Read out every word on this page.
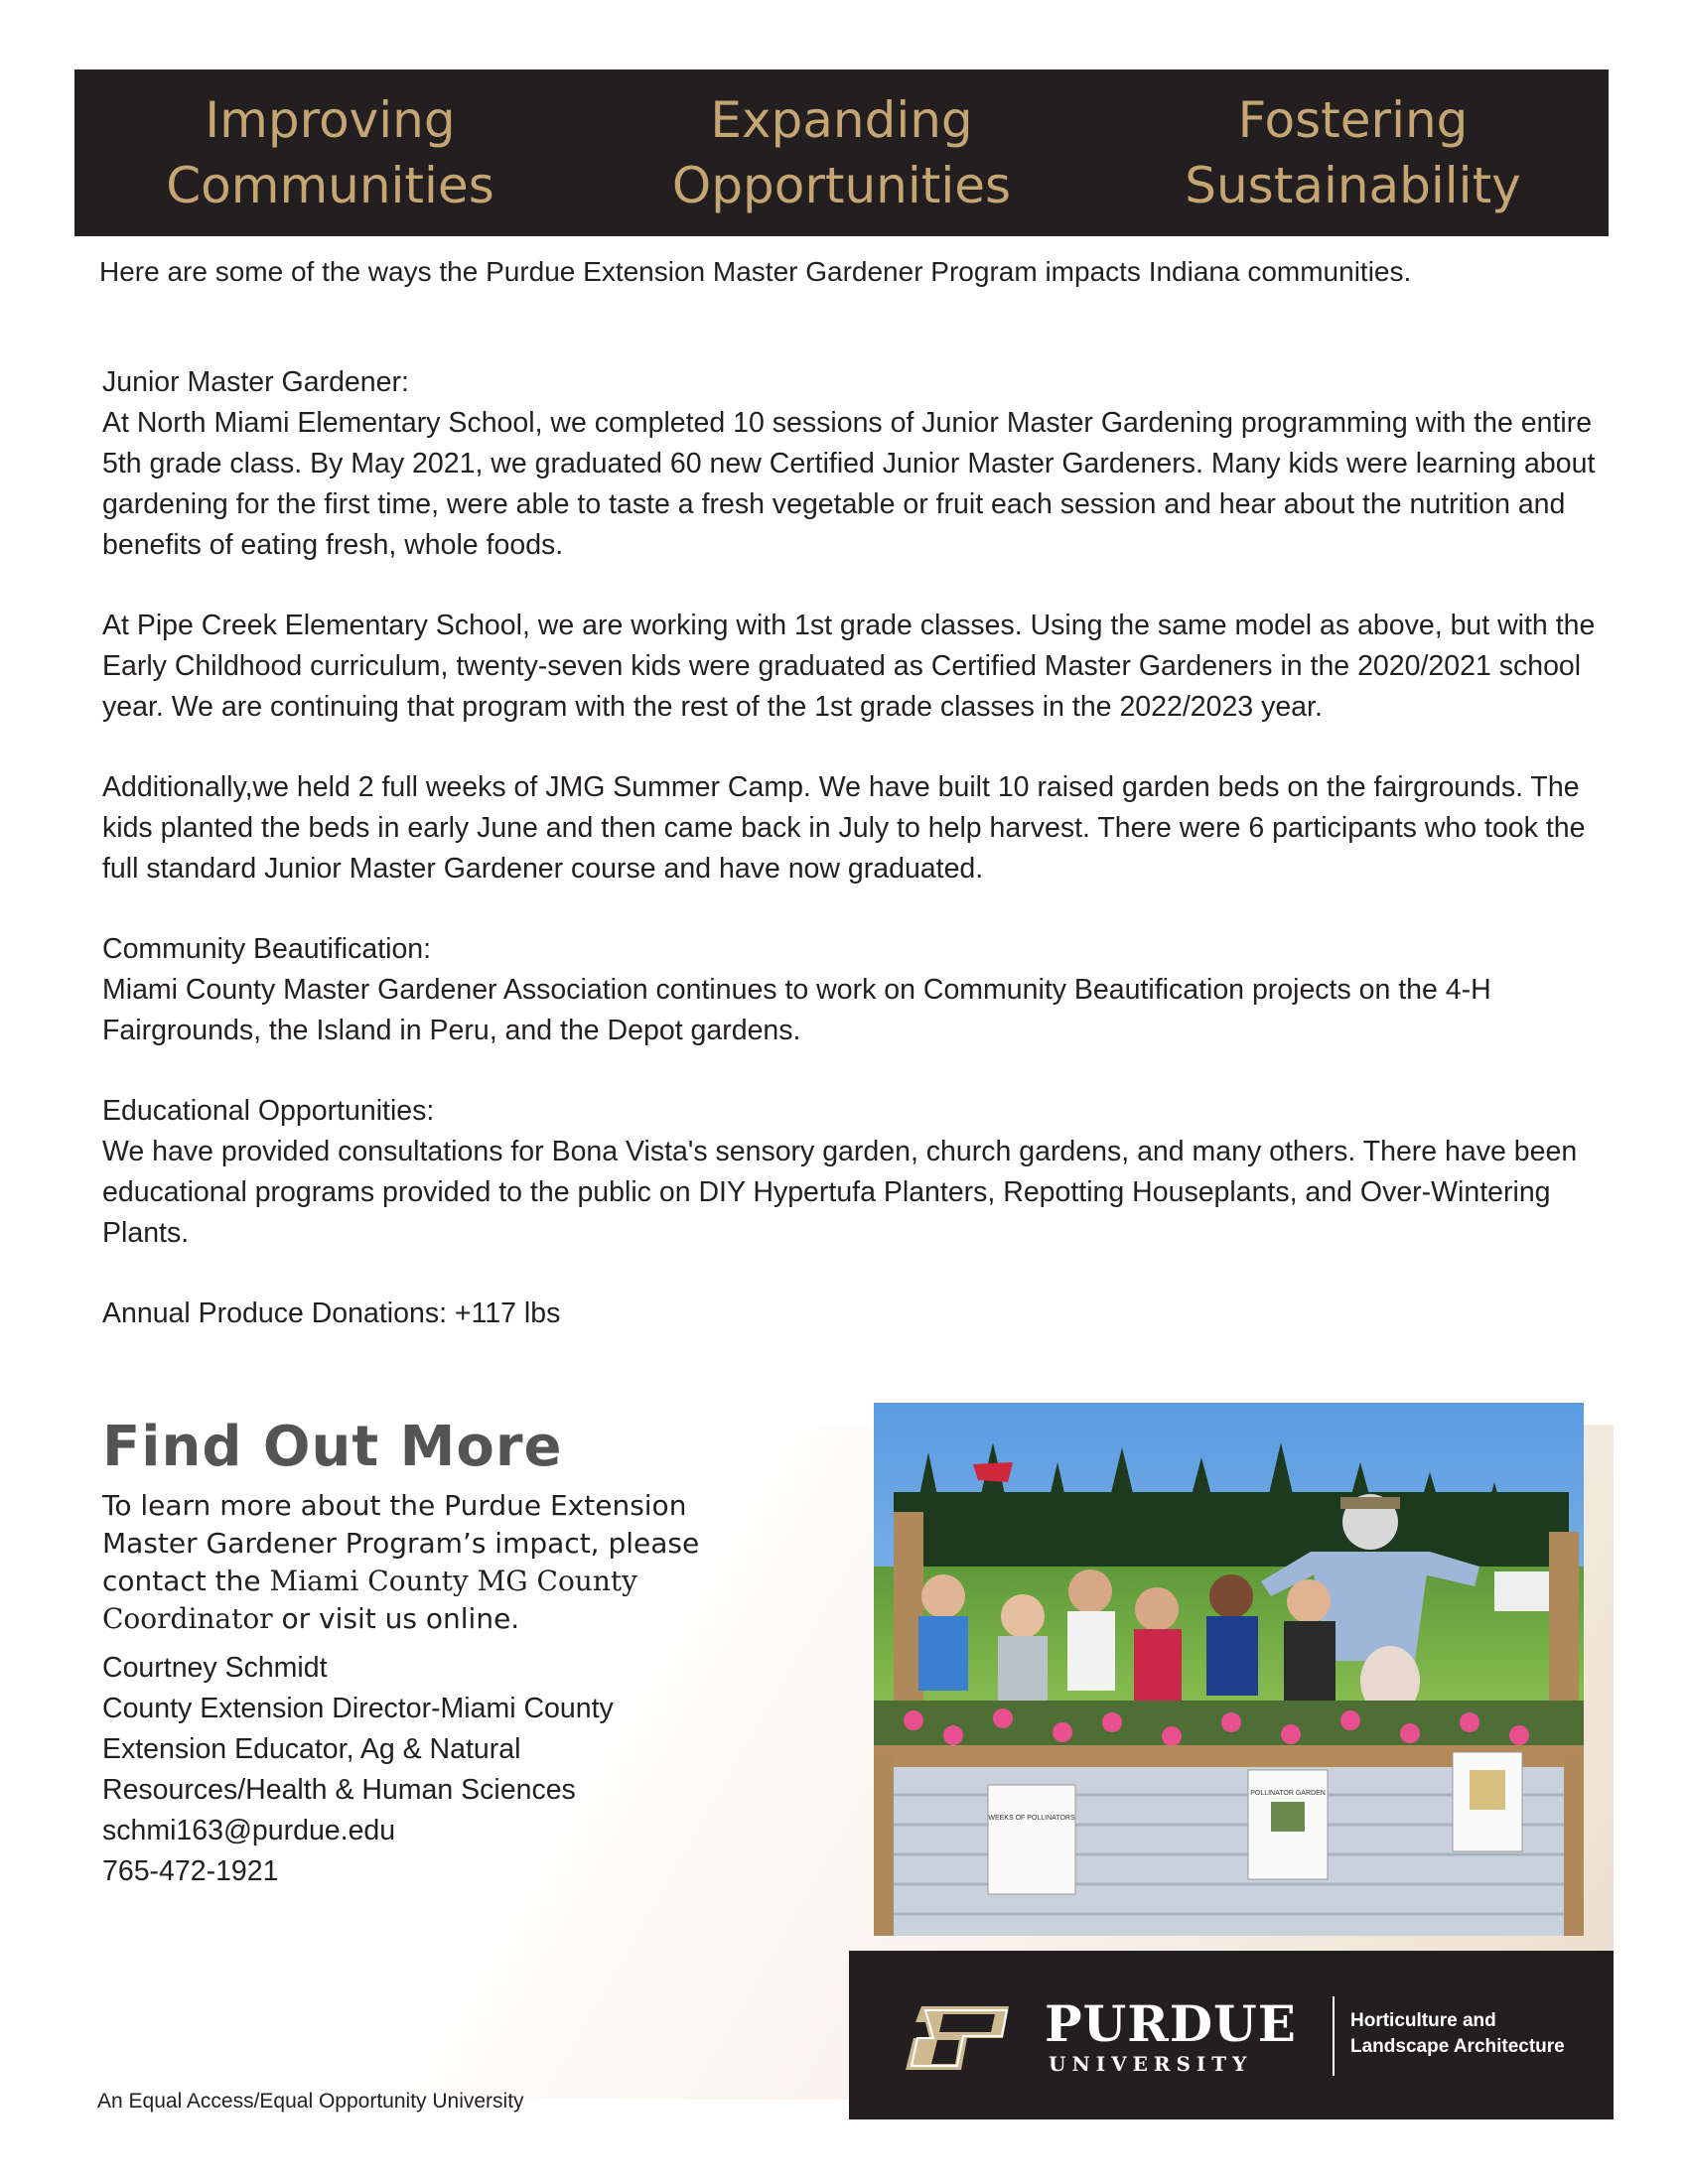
Improving
Communities
Expanding
Opportunities
Fostering
Sustainability
Here are some of the ways the Purdue Extension Master Gardener Program impacts Indiana communities.
Junior Master Gardener:

At North Miami Elementary School, we completed 10 sessions of Junior Master Gardening programming with the entire 5th grade class. By May 2021, we graduated 60 new Certified Junior Master Gardeners. Many kids were learning about gardening for the first time, were able to taste a fresh vegetable or fruit each session and hear about the nutrition and benefits of eating fresh, whole foods.

At Pipe Creek Elementary School, we are working with 1st grade classes. Using the same model as above, but with the Early Childhood curriculum, twenty-seven kids were graduated as Certified Master Gardeners in the 2020/2021 school year. We are continuing that program with the rest of the 1st grade classes in the 2022/2023 year.

Additionally,we held 2 full weeks of JMG Summer Camp. We have built 10 raised garden beds on the fairgrounds. The kids planted the beds in early June and then came back in July to help harvest. There were 6 participants who took the full standard Junior Master Gardener course and have now graduated.

Community Beautification:

Miami County Master Gardener Association continues to work on Community Beautification projects on the 4-H Fairgrounds, the Island in Peru, and the Depot gardens.

Educational Opportunities:

We have provided consultations for Bona Vista's sensory garden, church gardens, and many others. There have been educational programs provided to the public on DIY Hypertufa Planters, Repotting Houseplants, and Over-Wintering Plants.

Annual Produce Donations: +117 lbs
Find Out More
To learn more about the Purdue Extension Master Gardener Program’s impact, please contact the Miami County MG County Coordinator or visit us online.
Courtney Schmidt
County Extension Director-Miami County
Extension Educator, Ag & Natural
Resources/Health & Human Sciences
schmi163@purdue.edu
765-472-1921
WEEKS OF POLLINATORS
POLLINATOR GARDEN
PURDUE
UNIVERSITY
Horticulture and
Landscape Architecture
An Equal Access/Equal Opportunity University
